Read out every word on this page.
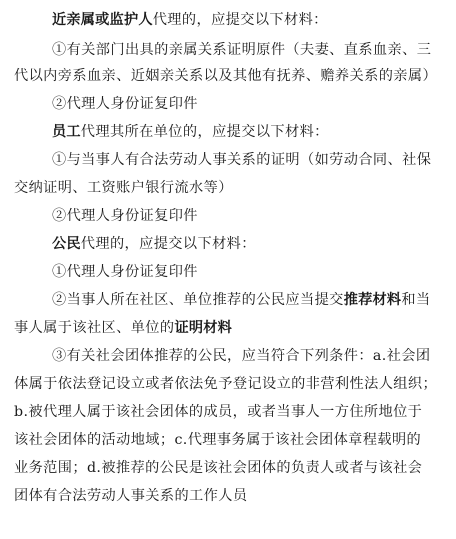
近亲属或监护人代理的，应提交以下材料：
①有关部门出具的亲属关系证明原件（夫妻、直系血亲、三
代以内旁系血亲、近姻亲关系以及其他有抚养、赡养关系的亲属）
②代理人身份证复印件
员工代理其所在单位的，应提交以下材料：
①与当事人有合法劳动人事关系的证明（如劳动合同、社保
交纳证明、工资账户银行流水等）
②代理人身份证复印件
公民代理的，应提交以下材料：
①代理人身份证复印件
②当事人所在社区、单位推荐的公民应当提交推荐材料和当
事人属于该社区、单位的证明材料
③有关社会团体推荐的公民，应当符合下列条件：a.社会团
体属于依法登记设立或者依法免予登记设立的非营利性法人组织；
b.被代理人属于该社会团体的成员，或者当事人一方住所地位于
该社会团体的活动地域；c.代理事务属于该社会团体章程载明的
业务范围；d.被推荐的公民是该社会团体的负责人或者与该社会
团体有合法劳动人事关系的工作人员
